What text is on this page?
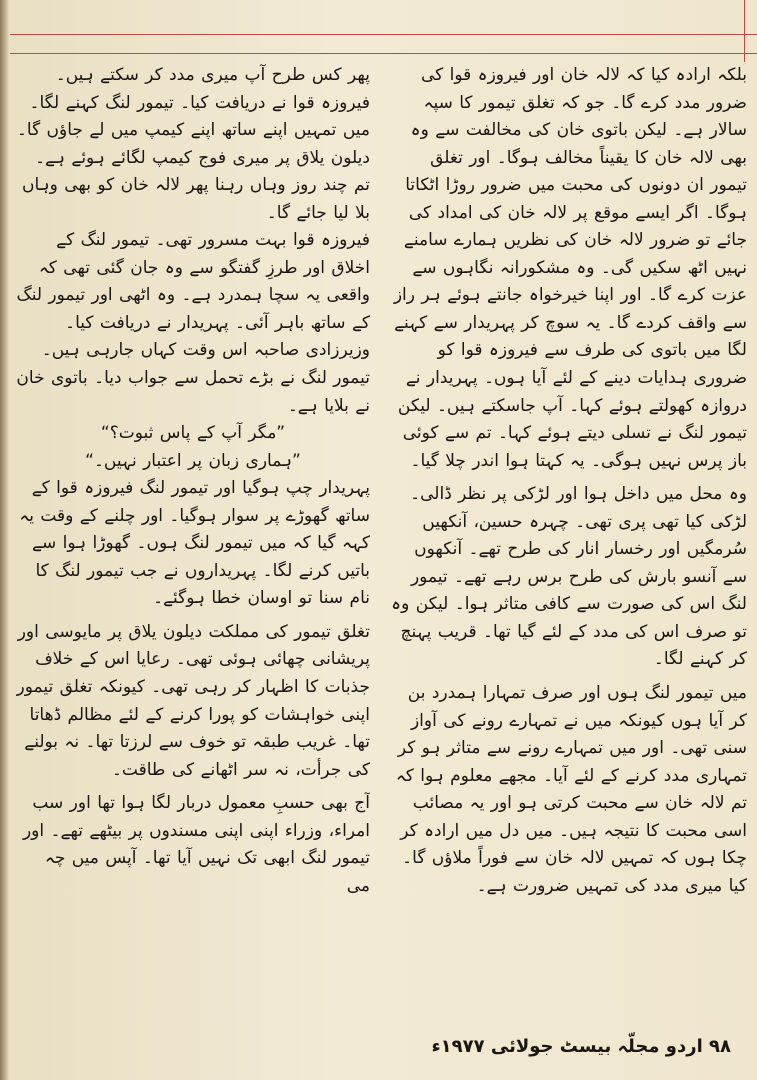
بلکہ ارادہ کیا کہ لالہ خان اور فیروزہ قوا کی ضرور مدد کرے گا۔ جو کہ تغلق تیمور کا سپہ سالار ہے۔ لیکن باتوی خان کی مخالفت سے وہ بھی لالہ خان کا یقیناً مخالف ہوگا۔ اور تغلق تیمور ان دونوں کی محبت میں ضرور روڑا اٹکاتا ہوگا۔ اگر ایسے موقع پر لالہ خان کی امداد کی جائے تو ضرور لالہ خان کی نظریں ہمارے سامنے نہیں اٹھ سکیں گی۔ وہ مشکورانہ نگاہوں سے عزت کرے گا۔ اور اپنا خیرخواہ جانتے ہوئے ہر راز سے واقف کردے گا۔ یہ سوچ کر پہریدار سے کہنے لگا میں باتوی کی طرف سے فیروزہ قوا کو ضروری ہدایات دینے کے لئے آیا ہوں۔ پہریدار نے دروازہ کھولتے ہوئے کہا۔ آپ جاسکتے ہیں۔ لیکن تیمور لنگ نے تسلی دیتے ہوئے کہا۔ تم سے کوئی باز پرس نہیں ہوگی۔ یہ کہتا ہوا اندر چلا گیا۔

وہ محل میں داخل ہوا اور لڑکی پر نظر ڈالی۔ لڑکی کیا تھی پری تھی۔ چہرہ حسین، آنکھیں سُرمگیں اور رخسار انار کی طرح تھے۔ آنکھوں سے آنسو بارش کی طرح برس رہے تھے۔ تیمور لنگ اس کی صورت سے کافی متاثر ہوا۔ لیکن وہ تو صرف اس کی مدد کے لئے گیا تھا۔ قریب پہنچ کر کہنے لگا۔

میں تیمور لنگ ہوں اور صرف تمہارا ہمدرد بن کر آیا ہوں کیونکہ میں نے تمہارے رونے کی آواز سنی تھی۔ اور میں تمہارے رونے سے متاثر ہو کر تمہاری مدد کرنے کے لئے آیا۔ مجھے معلوم ہوا کہ تم لالہ خان سے محبت کرتی ہو اور یہ مصائب اسی محبت کا نتیجہ ہیں۔ میں دل میں ارادہ کر چکا ہوں کہ تمہیں لالہ خان سے فوراً ملاؤں گا۔ کیا میری مدد کی تمہیں ضرورت ہے۔

پھر کس طرح آپ میری مدد کر سکتے ہیں۔ فیروزہ قوا نے دریافت کیا۔ تیمور لنگ کہنے لگا۔ میں تمہیں اپنے ساتھ اپنے کیمپ میں لے جاؤں گا۔ دیلون یلاق پر میری فوج کیمپ لگائے ہوئے ہے۔ تم چند روز وہاں رہنا پھر لالہ خان کو بھی وہاں بلا لیا جائے گا۔

فیروزہ قوا بہت مسرور تھی۔ تیمور لنگ کے اخلاق اور طرزِ گفتگو سے وہ جان گئی تھی کہ واقعی یہ سچا ہمدرد ہے۔ وہ اٹھی اور تیمور لنگ کے ساتھ باہر آئی۔ پہریدار نے دریافت کیا۔ وزیرزادی صاحبہ اس وقت کہاں جارہی ہیں۔ تیمور لنگ نے بڑے تحمل سے جواب دیا۔ باتوی خان نے بلایا ہے۔

”مگر آپ کے پاس ثبوت؟“

”ہماری زبان پر اعتبار نہیں۔“

پہریدار چپ ہوگیا اور تیمور لنگ فیروزہ قوا کے ساتھ گھوڑے پر سوار ہوگیا۔ اور چلنے کے وقت یہ کہہ گیا کہ میں تیمور لنگ ہوں۔ گھوڑا ہوا سے باتیں کرنے لگا۔ پہریداروں نے جب تیمور لنگ کا نام سنا تو اوسان خطا ہوگئے۔

تغلق تیمور کی مملکت دیلون یلاق پر مایوسی اور پریشانی چھائی ہوئی تھی۔ رعایا اس کے خلاف جذبات کا اظہار کر رہی تھی۔ کیونکہ تغلق تیمور اپنی خواہشات کو پورا کرنے کے لئے مظالم ڈھاتا تھا۔ غریب طبقہ تو خوف سے لرزتا تھا۔ نہ بولنے کی جرأت، نہ سر اٹھانے کی طاقت۔

آج بھی حسبِ معمول دربار لگا ہوا تھا اور سب امراء، وزراء اپنی اپنی مسندوں پر بیٹھے تھے۔ اور تیمور لنگ ابھی تک نہیں آیا تھا۔ آپس میں چہ می

۹۸ اردو مجلّہ بیسٹ جولائی ۱۹۷۷ء
